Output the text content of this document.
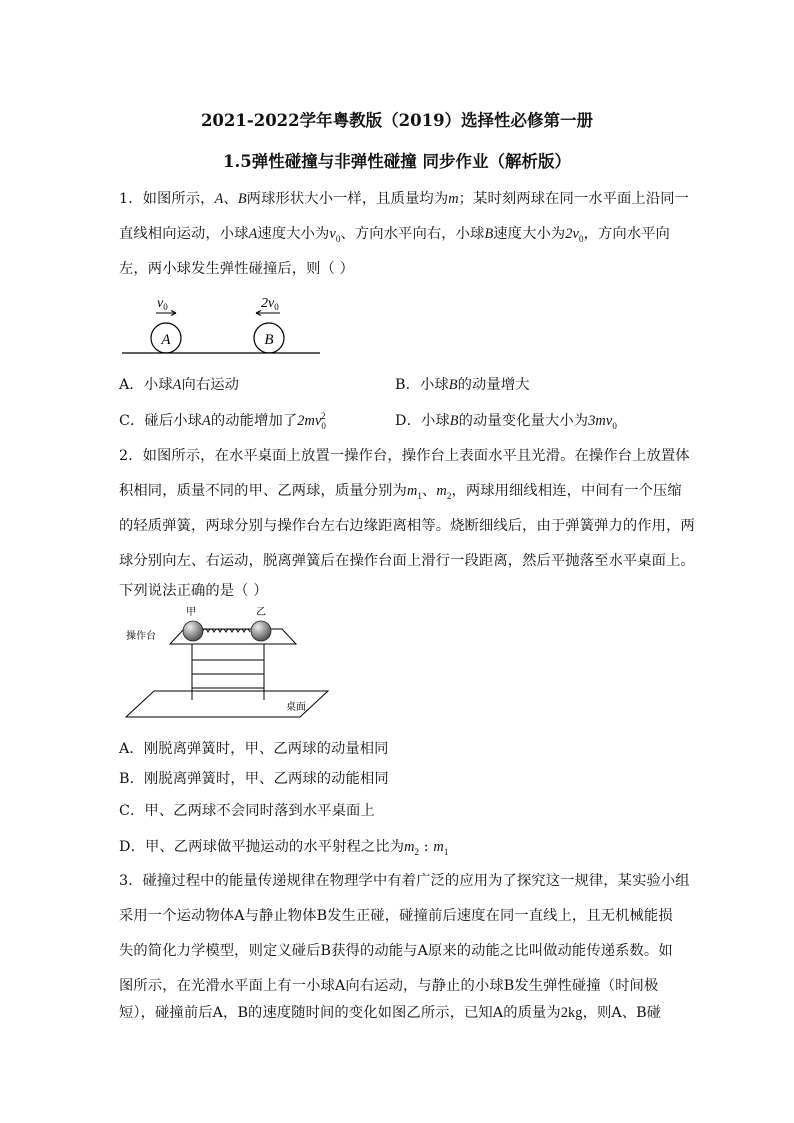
2021-2022学年粤教版（2019）选择性必修第一册
1.5弹性碰撞与非弹性碰撞 同步作业（解析版）
1．如图所示，A、B两球形状大小一样，且质量均为m；某时刻两球在同一水平面上沿同一
直线相向运动，小球A速度大小为$v_0$、方向水平向右，小球B速度大小为$2v_0$，方向水平向
左，两小球发生弹性碰撞后，则（ ）
A	B
$v_0$	$2v_0$
A．小球A向右运动	B．小球B的动量增大
C．碰后小球A的动能增加了$2mv_0^2$	D．小球B的动量变化量大小为$3mv_0$
2．如图所示，在水平桌面上放置一操作台，操作台上表面水平且光滑。在操作台上放置体
积相同，质量不同的甲、乙两球，质量分别为$m_1$、$m_2$，两球用细线相连，中间有一个压缩
的轻质弹簧，两球分别与操作台左右边缘距离相等。烧断细线后，由于弹簧弹力的作用，两
球分别向左、右运动，脱离弹簧后在操作台面上滑行一段距离，然后平抛落至水平桌面上。
下列说法正确的是（ ）
甲	乙
操作台
桌面
A．刚脱离弹簧时，甲、乙两球的动量相同
B．刚脱离弹簧时，甲、乙两球的动能相同
C．甲、乙两球不会同时落到水平桌面上
D．甲、乙两球做平抛运动的水平射程之比为$m_2$ : $m_1$
3．碰撞过程中的能量传递规律在物理学中有着广泛的应用为了探究这一规律，某实验小组
采用一个运动物体A与静止物体B发生正碰，碰撞前后速度在同一直线上，且无机械能损
失的简化力学模型，则定义碰后B获得的动能与A原来的动能之比叫做动能传递系数。如
图所示，在光滑水平面上有一小球A向右运动，与静止的小球B发生弹性碰撞（时间极
短），碰撞前后A，B的速度随时间的变化如图乙所示，已知A的质量为2kg，则A、B碰
